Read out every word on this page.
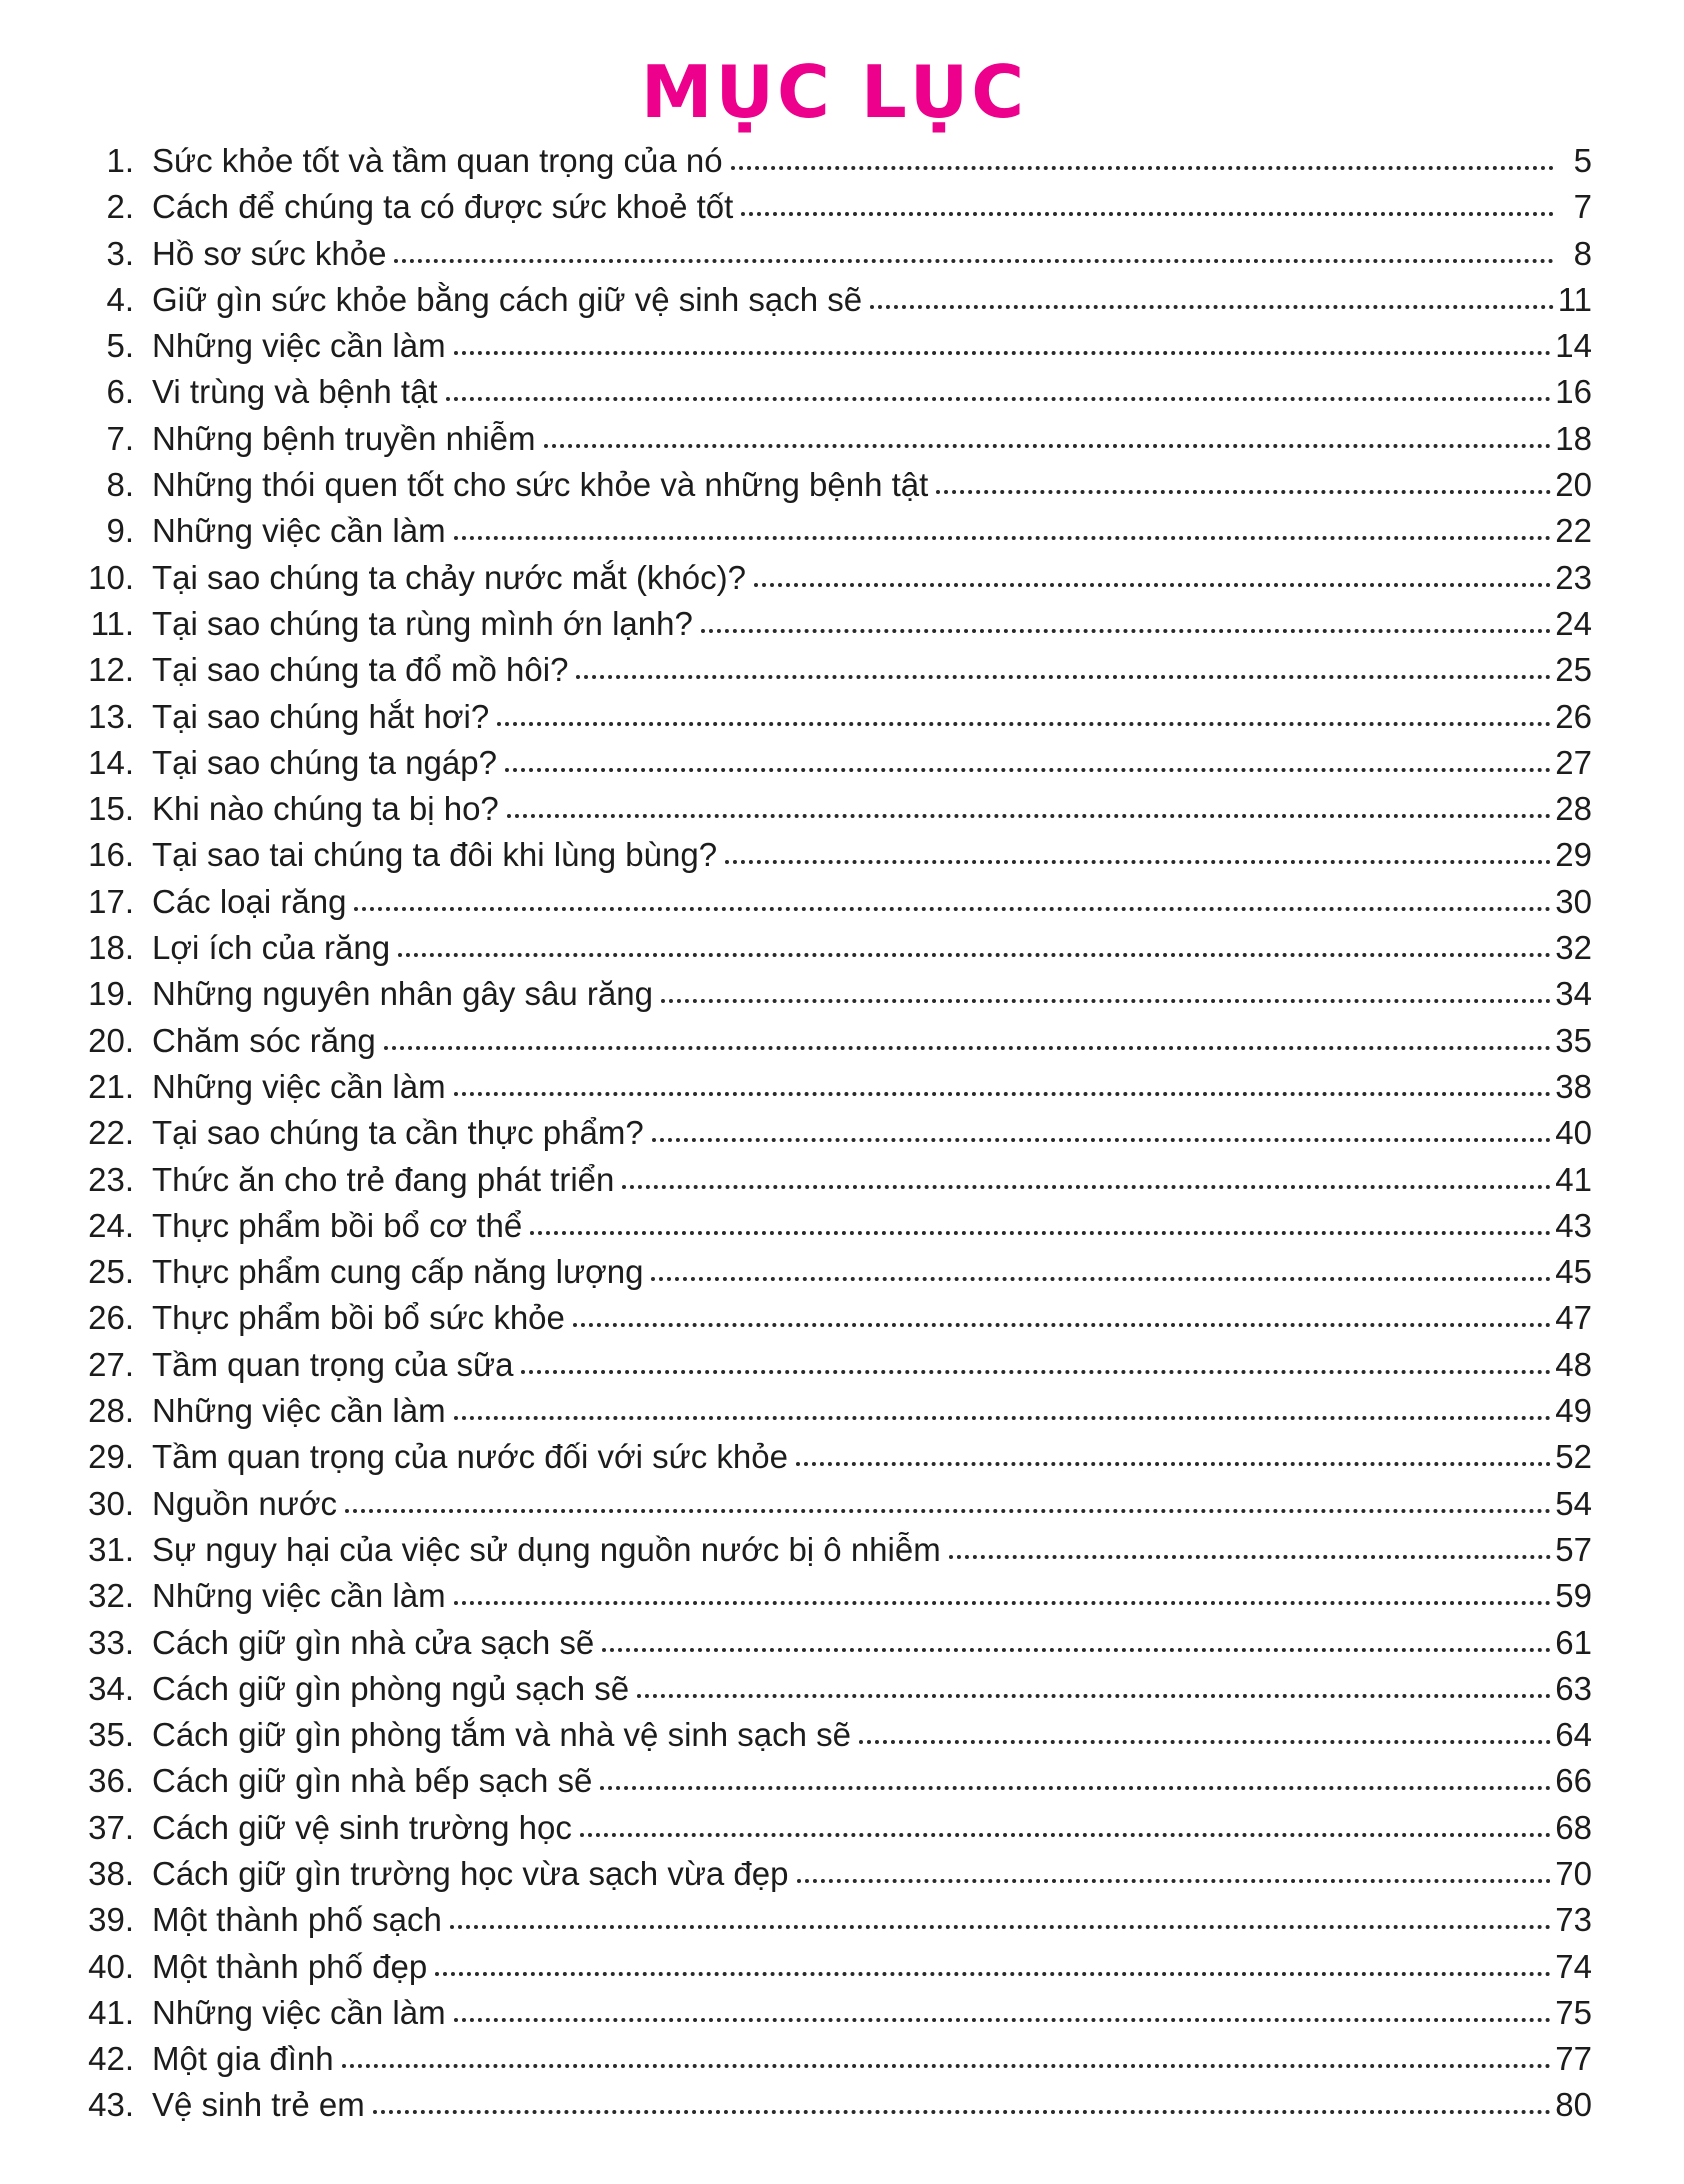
MỤC LỤC
1. Sức khỏe tốt và tầm quan trọng của nó	5
2. Cách để chúng ta có được sức khoẻ tốt	7
3. Hồ sơ sức khỏe	8
4. Giữ gìn sức khỏe bằng cách giữ vệ sinh sạch sẽ	11
5. Những việc cần làm	14
6. Vi trùng và bệnh tật	16
7. Những bệnh truyền nhiễm	18
8. Những thói quen tốt cho sức khỏe và những bệnh tật	20
9. Những việc cần làm	22
10. Tại sao chúng ta chảy nước mắt (khóc)?	23
11. Tại sao chúng ta rùng mình ớn lạnh?	24
12. Tại sao chúng ta đổ mồ hôi?	25
13. Tại sao chúng hắt hơi?	26
14. Tại sao chúng ta ngáp?	27
15. Khi nào chúng ta bị ho?	28
16. Tại sao tai chúng ta đôi khi lùng bùng?	29
17. Các loại răng	30
18. Lợi ích của răng	32
19. Những nguyên nhân gây sâu răng	34
20. Chăm sóc răng	35
21. Những việc cần làm	38
22. Tại sao chúng ta cần thực phẩm?	40
23. Thức ăn cho trẻ đang phát triển	41
24. Thực phẩm bồi bổ cơ thể	43
25. Thực phẩm cung cấp năng lượng	45
26. Thực phẩm bồi bổ sức khỏe	47
27. Tầm quan trọng của sữa	48
28. Những việc cần làm	49
29. Tầm quan trọng của nước đối với sức khỏe	52
30. Nguồn nước	54
31. Sự nguy hại của việc sử dụng nguồn nước bị ô nhiễm	57
32. Những việc cần làm	59
33. Cách giữ gìn nhà cửa sạch sẽ	61
34. Cách giữ gìn phòng ngủ sạch sẽ	63
35. Cách giữ gìn phòng tắm và nhà vệ sinh sạch sẽ	64
36. Cách giữ gìn nhà bếp sạch sẽ	66
37. Cách giữ vệ sinh trường học	68
38. Cách giữ gìn trường học vừa sạch vừa đẹp	70
39. Một thành phố sạch	73
40. Một thành phố đẹp	74
41. Những việc cần làm	75
42. Một gia đình	77
43. Vệ sinh trẻ em	80
